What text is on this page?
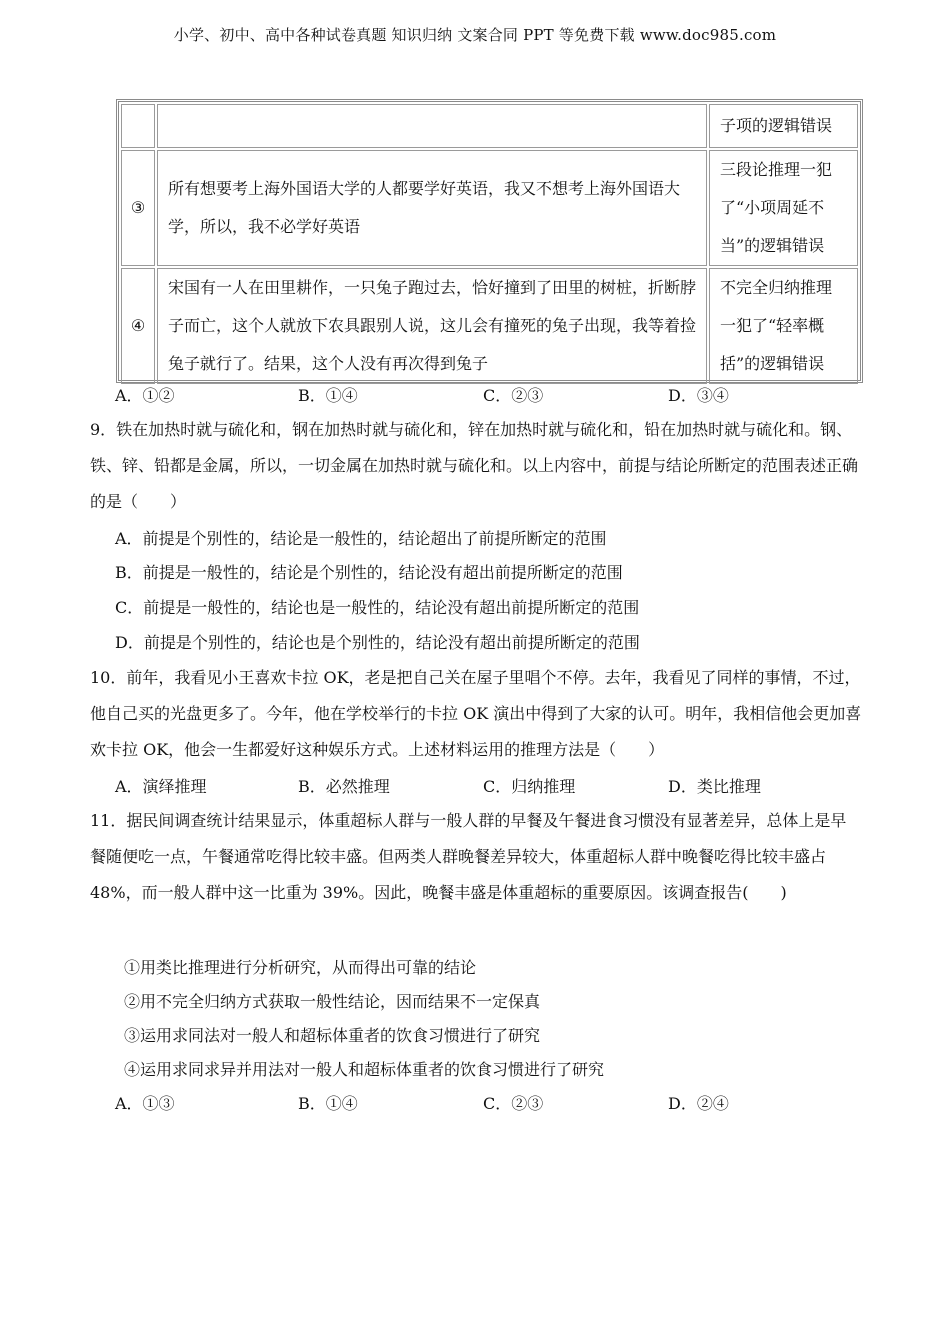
小学、初中、高中各种试卷真题 知识归纳 文案合同 PPT 等免费下载 www.doc985.com
		子项的逻辑错误
③	所有想要考上海外国语大学的人都要学好英语，我又不想考上海外国语大学，所以，我不必学好英语	三段论推理一犯了“小项周延不当”的逻辑错误
④	宋国有一人在田里耕作，一只兔子跑过去，恰好撞到了田里的树桩，折断脖子而亡，这个人就放下农具跟别人说，这儿会有撞死的兔子出现，我等着捡兔子就行了。结果，这个人没有再次得到兔子	不完全归纳推理一犯了“轻率概括”的逻辑错误
A．①②	B．①④	C．②③	D．③④
9．铁在加热时就与硫化和，钢在加热时就与硫化和，锌在加热时就与硫化和，铅在加热时就与硫化和。钢、铁、锌、铅都是金属，所以，一切金属在加热时就与硫化和。以上内容中，前提与结论所断定的范围表述正确的是（　　）
A．前提是个别性的，结论是一般性的，结论超出了前提所断定的范围
B．前提是一般性的，结论是个别性的，结论没有超出前提所断定的范围
C．前提是一般性的，结论也是一般性的，结论没有超出前提所断定的范围
D．前提是个别性的，结论也是个别性的，结论没有超出前提所断定的范围
10．前年，我看见小王喜欢卡拉 OK，老是把自己关在屋子里唱个不停。去年，我看见了同样的事情，不过，他自己买的光盘更多了。今年，他在学校举行的卡拉 OK 演出中得到了大家的认可。明年，我相信他会更加喜欢卡拉 OK，他会一生都爱好这种娱乐方式。上述材料运用的推理方法是（　　）
A．演绎推理	B．必然推理	C．归纳推理	D．类比推理
11．据民间调查统计结果显示，体重超标人群与一般人群的早餐及午餐进食习惯没有显著差异，总体上是早餐随便吃一点，午餐通常吃得比较丰盛。但两类人群晚餐差异较大，体重超标人群中晚餐吃得比较丰盛占 48%，而一般人群中这一比重为 39%。因此，晚餐丰盛是体重超标的重要原因。该调查报告(　　)
①用类比推理进行分析研究，从而得出可靠的结论
②用不完全归纳方式获取一般性结论，因而结果不一定保真
③运用求同法对一般人和超标体重者的饮食习惯进行了研究
④运用求同求异并用法对一般人和超标体重者的饮食习惯进行了研究
A．①③	B．①④	C．②③	D．②④
